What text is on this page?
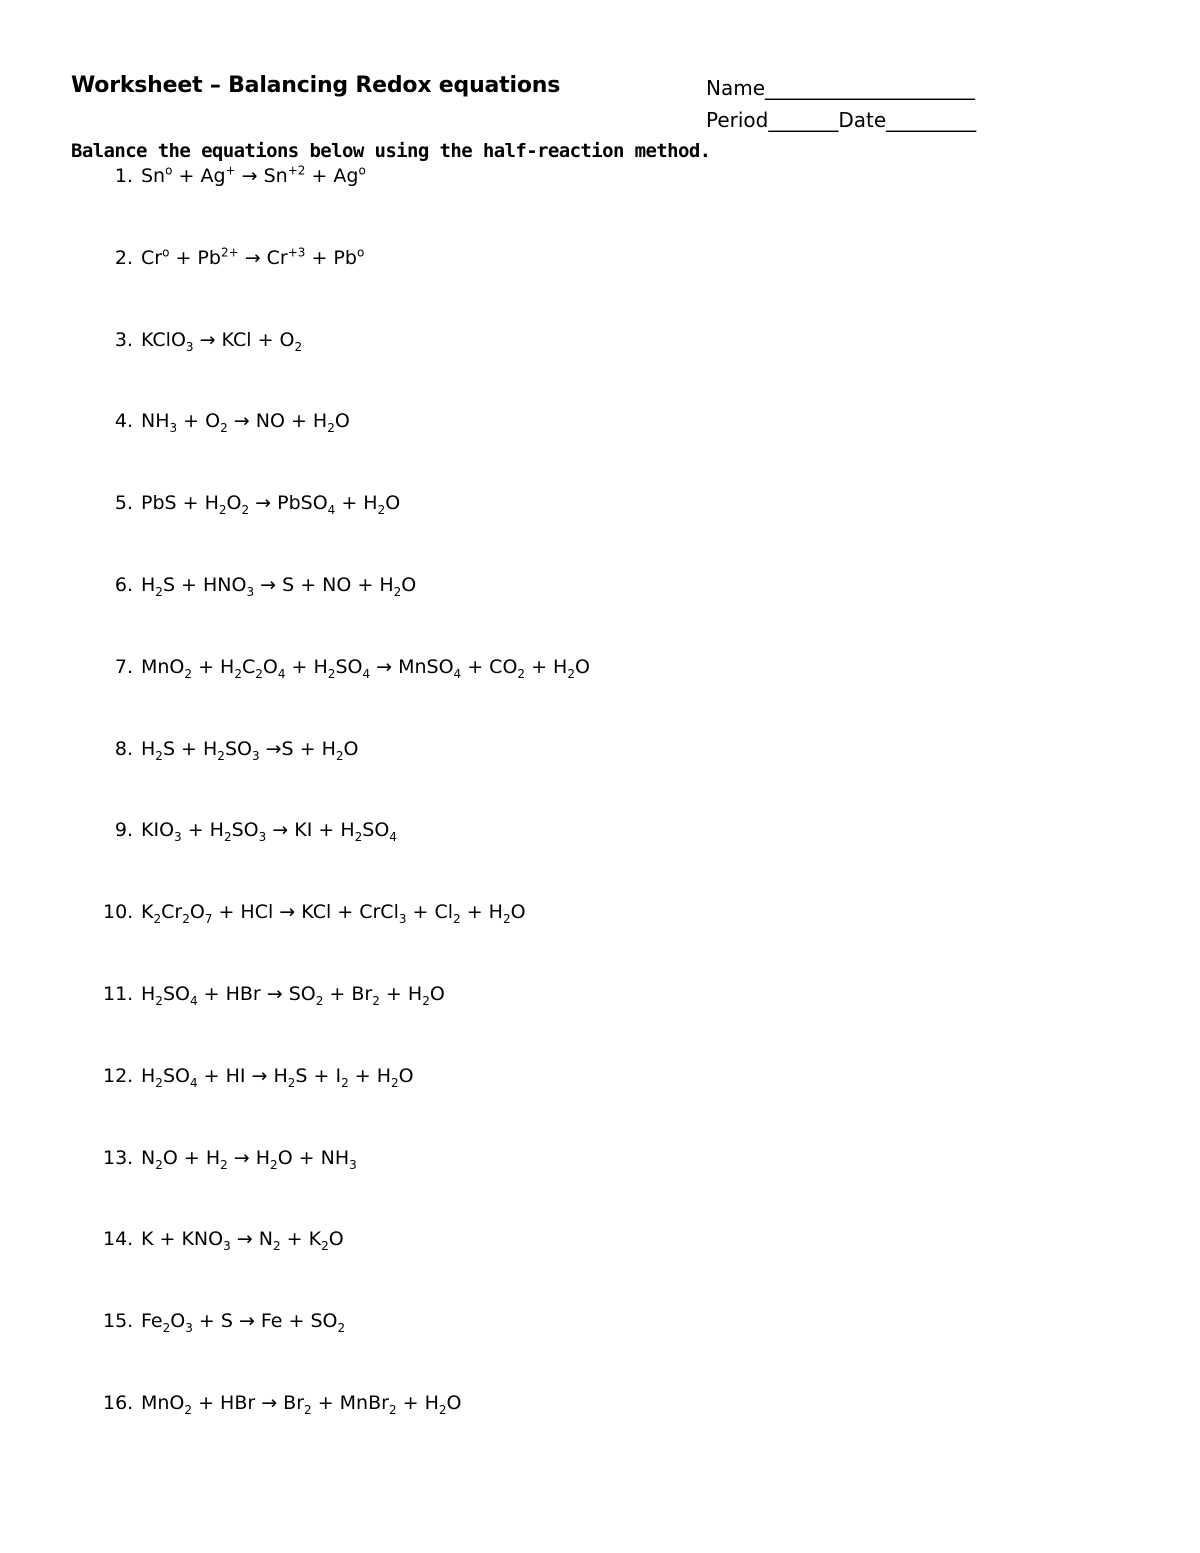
Worksheet – Balancing Redox equations	Name_____________________
Period_______Date_________
Balance the equations below using the half-reaction method.
1. $Sn^o + Ag^+ \to Sn^{+2} + Ag^o$
2. $Cr^o + Pb^{2+} \to Cr^{+3} + Pb^o$
3. KClO$_3$ → KCl + $O_2$
4. $NH_3 + O_2$ → NO + $H_2O$
5. PbS + $H_2O_2$ → PbSO$_4$ + $H_2O$
6. $H_2S + HNO_3 \to S$ + NO + $H_2O$
7. $MnO_2 + H_2C_2O_4 + H_2SO_4$ → MnSO$_4$ + $CO_2 + H_2O$
8. $H_2S + H_2SO_3 \to S + H_2O$
9. $KIO_3 + H_2SO_3$ → KI + $H_2SO_4$
10. $K_2Cr_2O_7$ + HCl → KCl + CrCl$_3$ + $Cl_2 + H_2O$
11. $H_2SO_4$ + HBr → $SO_2 + Br_2 + H_2O$
12. $H_2SO_4$ + HI → $H_2S + I_2 + H_2O$
13. $N_2O + H_2 \to H_2O + NH_3$
14. $K + KNO_3 \to N_2 + K_2O$
15. $Fe_2O_3 + S \to Fe + SO_2$
16. MnO$_2$ + HBr → $Br_2$ + MnBr$_2$ + $H_2O$
